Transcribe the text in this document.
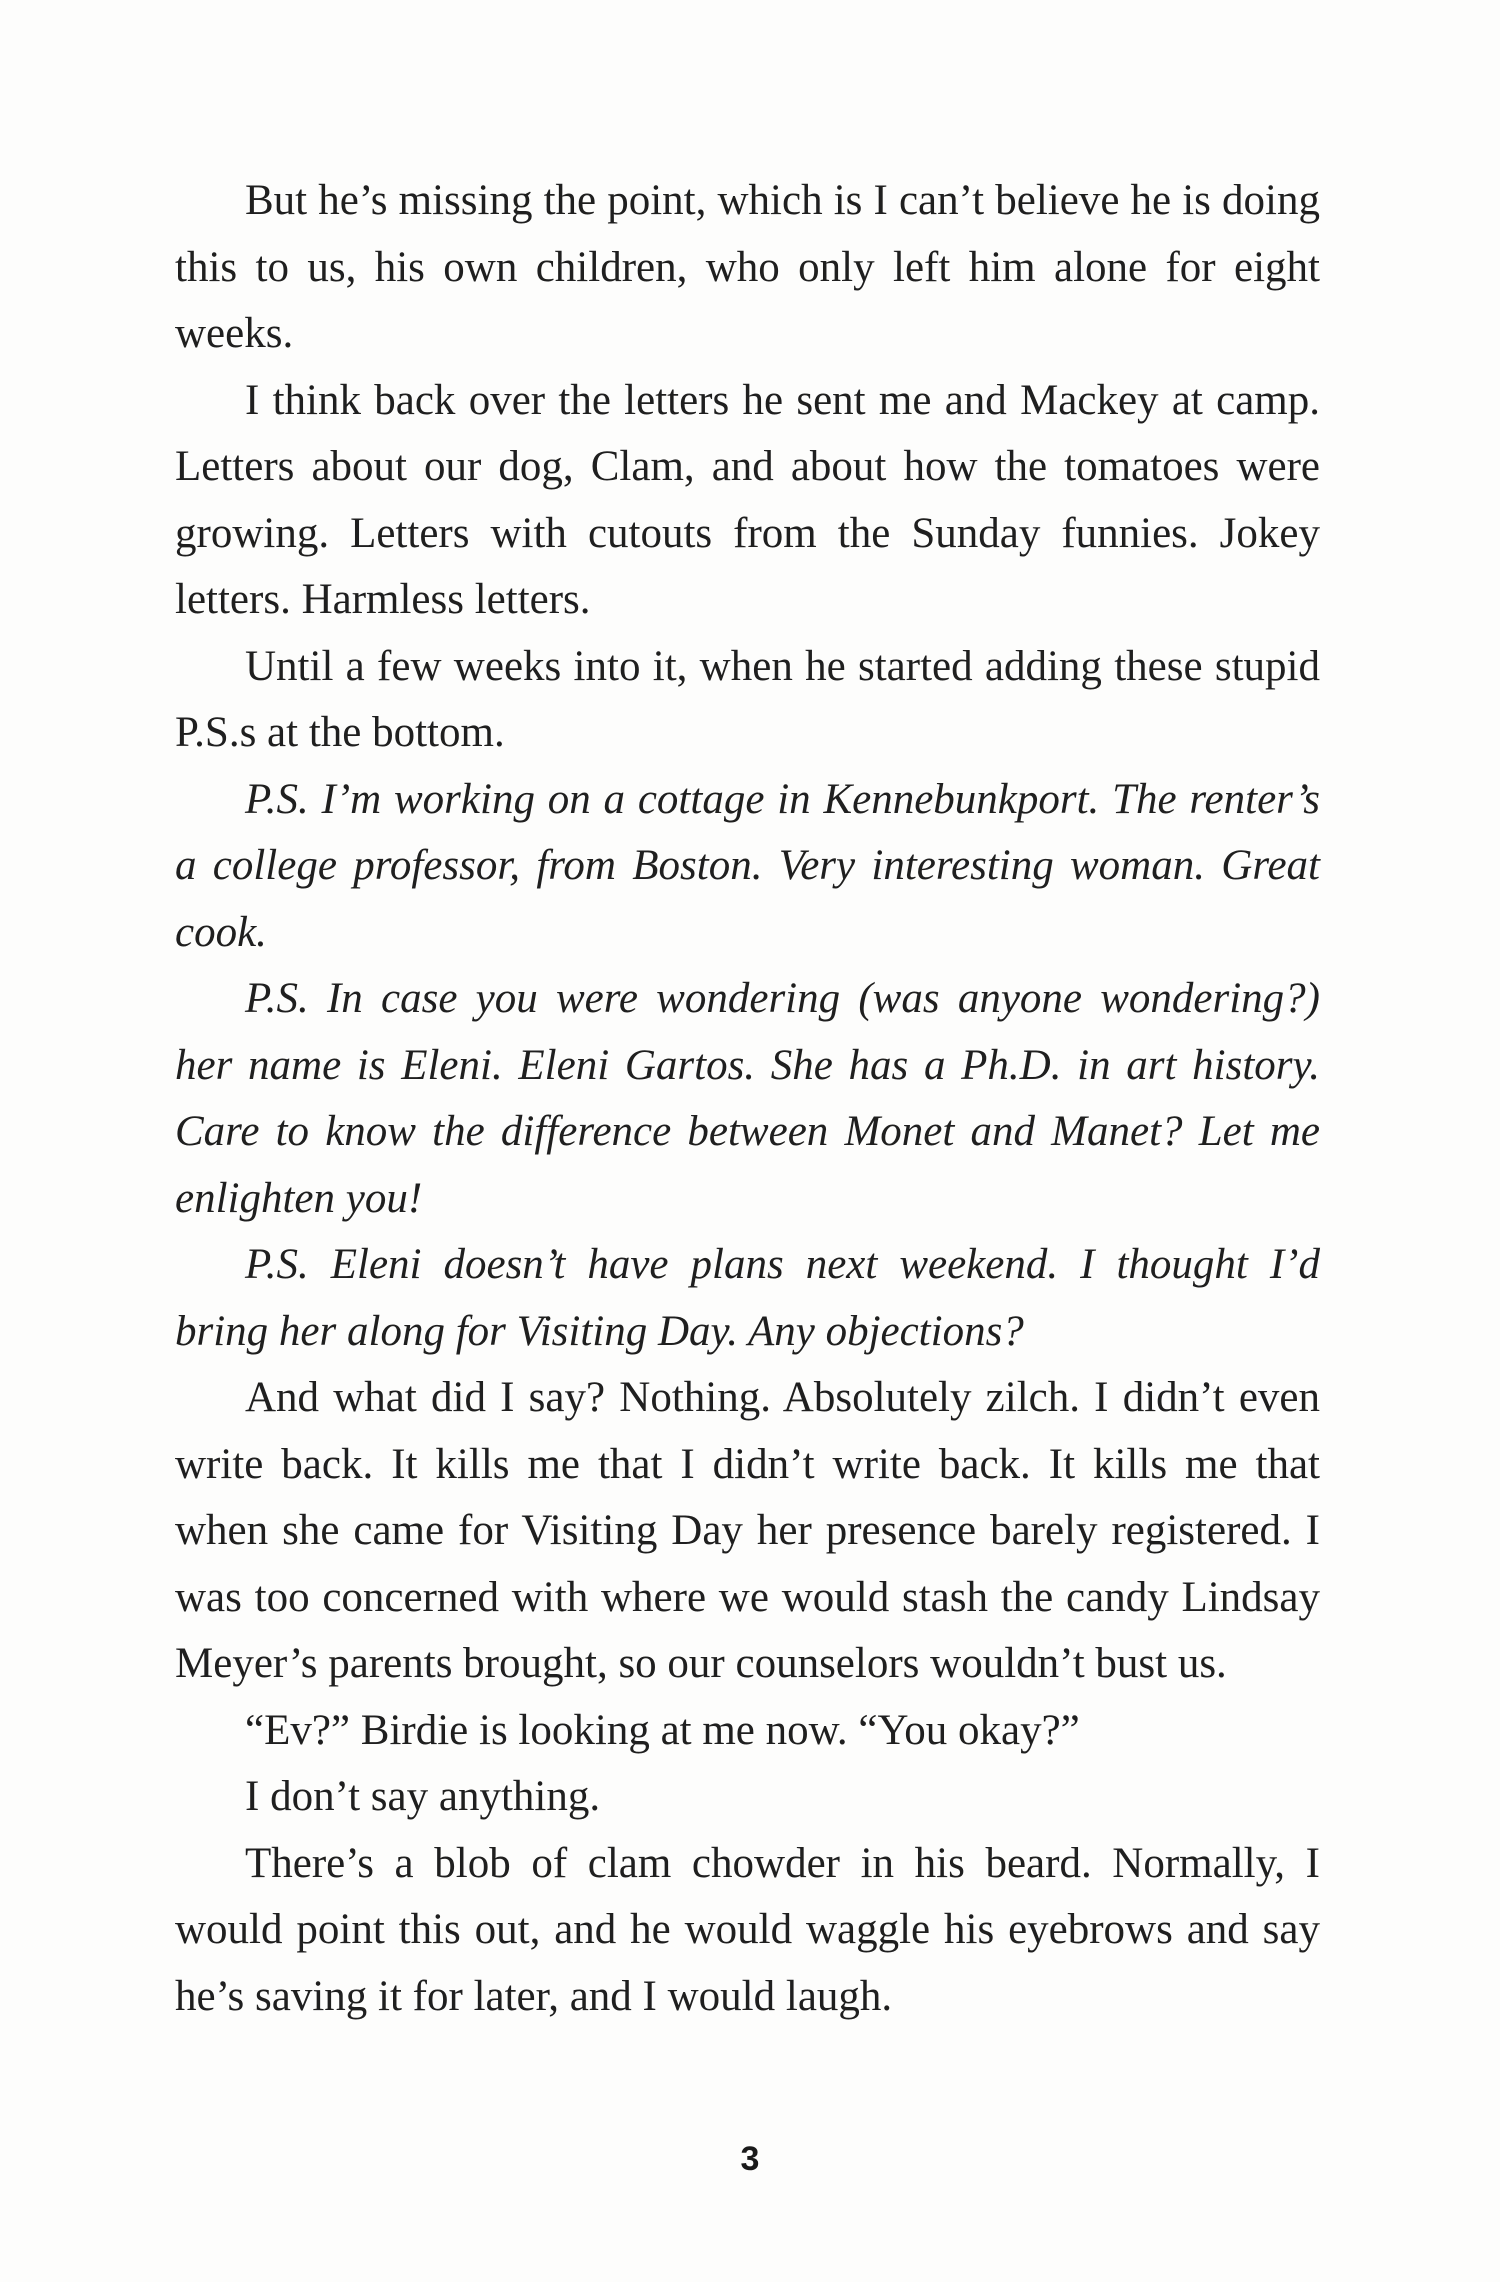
But he’s missing the point, which is I can’t believe he is doing this to us, his own children, who only left him alone for eight weeks.

I think back over the letters he sent me and Mackey at camp. Letters about our dog, Clam, and about how the tomatoes were growing. Letters with cutouts from the Sunday funnies. Jokey letters. Harmless letters.

Until a few weeks into it, when he started adding these stupid P.S.s at the bottom.

P.S. I’m working on a cottage in Kennebunkport. The renter’s a college professor, from Boston. Very interesting woman. Great cook.

P.S. In case you were wondering (was anyone wondering?) her name is Eleni. Eleni Gartos. She has a Ph.D. in art history. Care to know the difference between Monet and Manet? Let me enlighten you!

P.S. Eleni doesn’t have plans next weekend. I thought I’d bring her along for Visiting Day. Any objections?

And what did I say? Nothing. Absolutely zilch. I didn’t even write back. It kills me that I didn’t write back. It kills me that when she came for Visiting Day her presence barely registered. I was too concerned with where we would stash the candy Lindsay Meyer’s parents brought, so our counselors wouldn’t bust us.

“Ev?” Birdie is looking at me now. “You okay?”

I don’t say anything.

There’s a blob of clam chowder in his beard. Normally, I would point this out, and he would waggle his eyebrows and say he’s saving it for later, and I would laugh.

3
